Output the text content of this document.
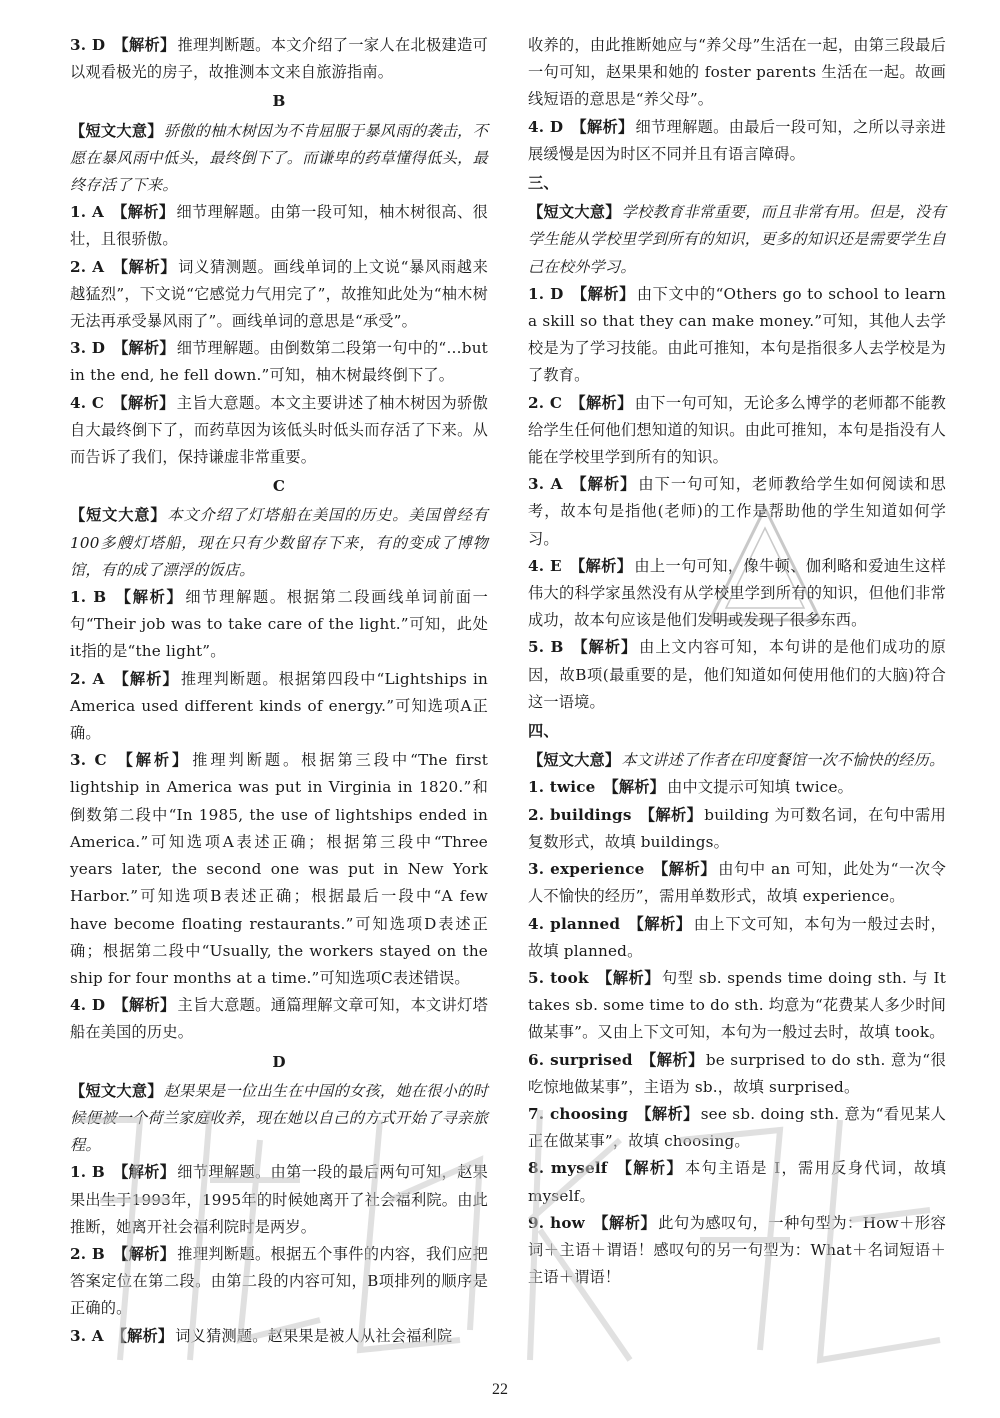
3. D 【解析】 推理判断题。本文介绍了一家人在北极建造可以观看极光的房子，故推测本文来自旅游指南。

B

【短文大意】骄傲的柚木树因为不肯屈服于暴风雨的袭击，不愿在暴风雨中低头，最终倒下了。而谦卑的药草懂得低头，最终存活了下来。

1. A 【解析】 细节理解题。由第一段可知，柚木树很高、很壮，且很骄傲。

2. A 【解析】 词义猜测题。画线单词的上文说“暴风雨越来越猛烈”，下文说“它感觉力气用完了”，故推知此处为“柚木树无法再承受暴风雨了”。画线单词的意思是“承受”。

3. D 【解析】 细节理解题。由倒数第二段第一句中的“…but in the end, he fell down.”可知，柚木树最终倒下了。

4. C 【解析】 主旨大意题。本文主要讲述了柚木树因为骄傲自大最终倒下了，而药草因为该低头时低头而存活了下来。从而告诉了我们，保持谦虚非常重要。

C

【短文大意】本文介绍了灯塔船在美国的历史。美国曾经有100多艘灯塔船，现在只有少数留存下来，有的变成了博物馆，有的成了漂浮的饭店。

1. B 【解析】 细节理解题。根据第二段画线单词前面一句“Their job was to take care of the light.”可知，此处it指的是“the light”。

2. A 【解析】 推理判断题。根据第四段中“Lightships in America used different kinds of energy.”可知选项A正确。

3. C 【解析】 推理判断题。根据第三段中“The first lightship in America was put in Virginia in 1820.”和倒数第二段中“In 1985, the use of lightships ended in America.”可知选项A表述正确；根据第三段中“Three years later, the second one was put in New York Harbor.”可知选项B表述正确；根据最后一段中“A few have become floating restaurants.”可知选项D表述正确；根据第二段中“Usually, the workers stayed on the ship for four months at a time.”可知选项C表述错误。

4. D 【解析】 主旨大意题。通篇理解文章可知，本文讲灯塔船在美国的历史。

D

【短文大意】赵果果是一位出生在中国的女孩，她在很小的时候便被一个荷兰家庭收养，现在她以自己的方式开始了寻亲旅程。

1. B 【解析】 细节理解题。由第一段的最后两句可知，赵果果出生于1993年，1995年的时候她离开了社会福利院。由此推断，她离开社会福利院时是两岁。

2. B 【解析】 推理判断题。根据五个事件的内容，我们应把答案定位在第二段。由第二段的内容可知，B项排列的顺序是正确的。

3. A 【解析】 词义猜测题。赵果果是被人从社会福利院

收养的，由此推断她应与“养父母”生活在一起，由第三段最后一句可知，赵果果和她的 foster parents 生活在一起。故画线短语的意思是“养父母”。

4. D 【解析】 细节理解题。由最后一段可知，之所以寻亲进展缓慢是因为时区不同并且有语言障碍。

三、

【短文大意】学校教育非常重要，而且非常有用。但是，没有学生能从学校里学到所有的知识，更多的知识还是需要学生自己在校外学习。

1. D 【解析】 由下文中的“Others go to school to learn a skill so that they can make money.”可知，其他人去学校是为了学习技能。由此可推知，本句是指很多人去学校是为了教育。

2. C 【解析】 由下一句可知，无论多么博学的老师都不能教给学生任何他们想知道的知识。由此可推知，本句是指没有人能在学校里学到所有的知识。

3. A 【解析】 由下一句可知，老师教给学生如何阅读和思考，故本句是指他(老师)的工作是帮助他的学生知道如何学习。

4. E 【解析】 由上一句可知，像牛顿、伽利略和爱迪生这样伟大的科学家虽然没有从学校里学到所有的知识，但他们非常成功，故本句应该是他们发明或发现了很多东西。

5. B 【解析】 由上文内容可知，本句讲的是他们成功的原因，故B项(最重要的是，他们知道如何使用他们的大脑)符合这一语境。

四、

【短文大意】本文讲述了作者在印度餐馆一次不愉快的经历。

1. twice 【解析】 由中文提示可知填 twice。

2. buildings 【解析】 building 为可数名词，在句中需用复数形式，故填 buildings。

3. experience 【解析】 由句中 an 可知，此处为“一次令人不愉快的经历”，需用单数形式，故填 experience。

4. planned 【解析】 由上下文可知，本句为一般过去时，故填 planned。

5. took 【解析】 句型 sb. spends time doing sth. 与 It takes sb. some time to do sth. 均意为“花费某人多少时间做某事”。又由上下文可知，本句为一般过去时，故填 took。

6. surprised 【解析】 be surprised to do sth. 意为“很吃惊地做某事”，主语为 sb.，故填 surprised。

7. choosing 【解析】 see sb. doing sth. 意为“看见某人正在做某事”，故填 choosing。

8. myself 【解析】 本句主语是 I，需用反身代词，故填 myself。

9. how 【解析】 此句为感叹句，一种句型为：How＋形容词＋主语＋谓语！感叹句的另一句型为：What＋名词短语＋主语＋谓语！

22
